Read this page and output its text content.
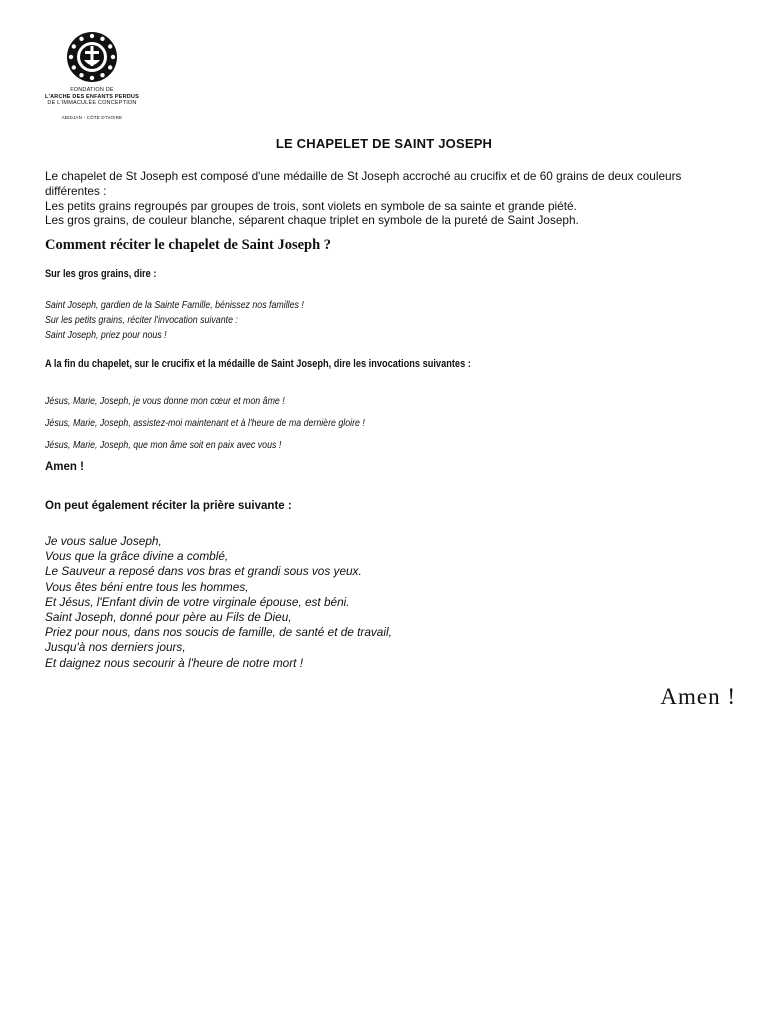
FONDATION DE
L'ARCHE DES ENFANTS PERDUS
DE L'IMMACULÉE CONCEPTION
ABIDJAN - CÔTE D'IVOIRE
LE CHAPELET DE SAINT JOSEPH

Le chapelet de St Joseph est composé d'une médaille de St Joseph accroché au crucifix et de 60 grains de deux couleurs différentes :

Les petits grains regroupés par groupes de trois, sont violets en symbole de sa sainte et grande piété.

Les gros grains, de couleur blanche, séparent chaque triplet en symbole de la pureté de Saint Joseph.

Comment réciter le chapelet de Saint Joseph ?
Sur les gros grains, dire :
Saint Joseph, gardien de la Sainte Famille, bénissez nos familles !
Sur les petits grains, réciter l'invocation suivante :
Saint Joseph, priez pour nous !
A la fin du chapelet, sur le crucifix et la médaille de Saint Joseph, dire les invocations suivantes :
Jésus, Marie, Joseph, je vous donne mon cœur et mon âme !
Jésus, Marie, Joseph, assistez-moi maintenant et à l'heure de ma dernière gloire !
Jésus, Marie, Joseph, que mon âme soit en paix avec vous !
Amen !
On peut également réciter la prière suivante :
Je vous salue Joseph,
Vous que la grâce divine a comblé,
Le Sauveur a reposé dans vos bras et grandi sous vos yeux.
Vous êtes béni entre tous les hommes,
Et Jésus, l'Enfant divin de votre virginale épouse, est béni.
Saint Joseph, donné pour père au Fils de Dieu,
Priez pour nous, dans nos soucis de famille, de santé et de travail,
Jusqu'à nos derniers jours,
Et daignez nous secourir à l'heure de notre mort !
Amen !
